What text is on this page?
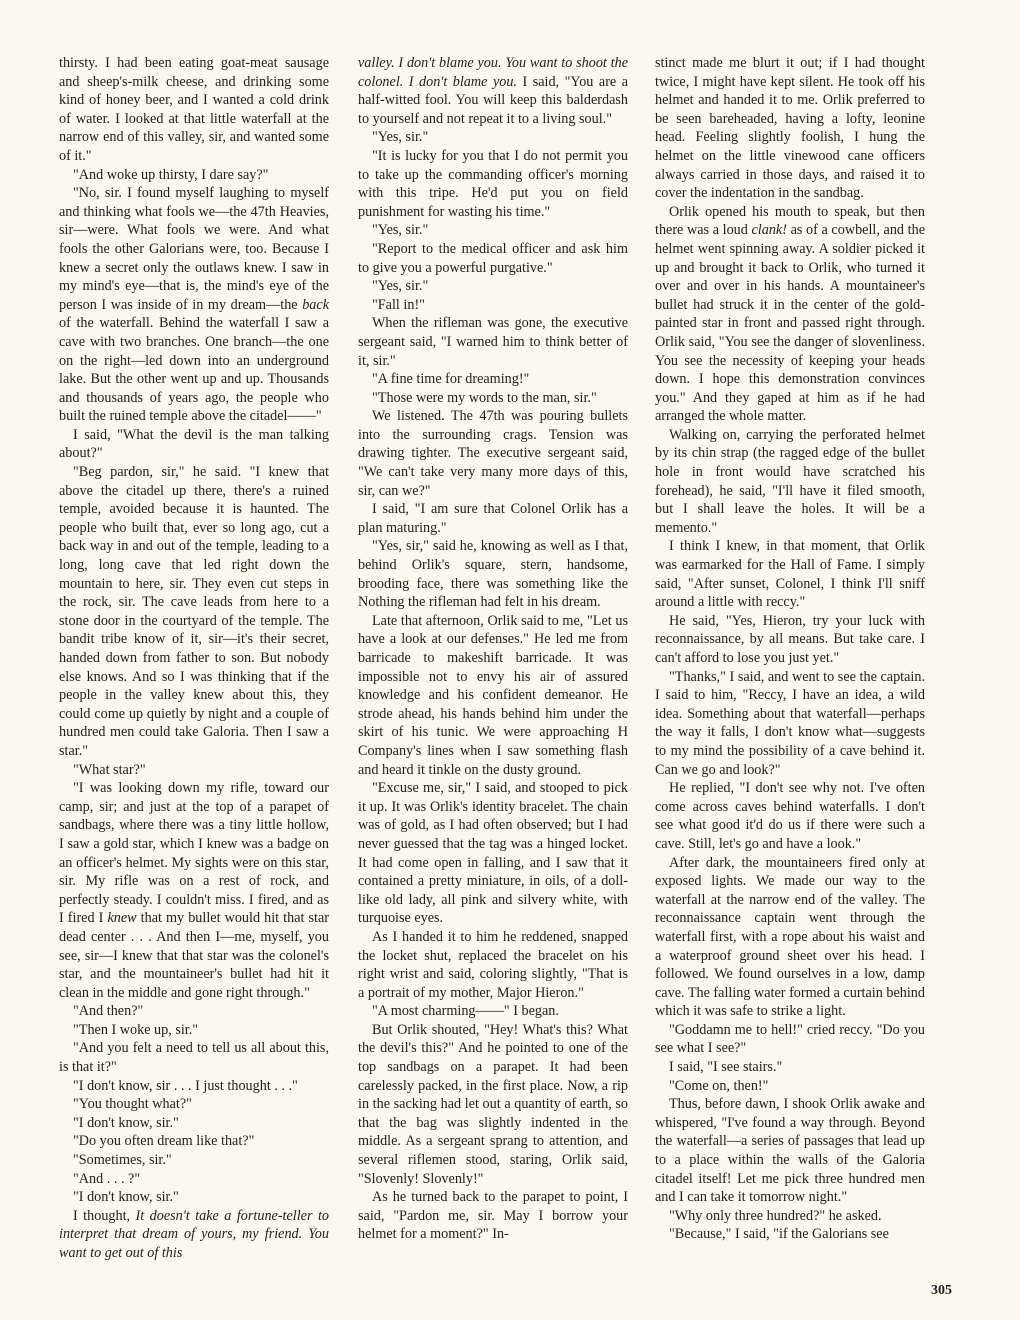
thirsty. I had been eating goat-meat sausage and sheep's-milk cheese, and drinking some kind of honey beer, and I wanted a cold drink of water. I looked at that little waterfall at the narrow end of this valley, sir, and wanted some of it."

"And woke up thirsty, I dare say?"

"No, sir. I found myself laughing to myself and thinking what fools we—the 47th Heavies, sir—were. What fools we were. And what fools the other Galorians were, too. Because I knew a secret only the outlaws knew. I saw in my mind's eye—that is, the mind's eye of the person I was inside of in my dream—the back of the waterfall. Behind the waterfall I saw a cave with two branches. One branch—the one on the right—led down into an underground lake. But the other went up and up. Thousands and thousands of years ago, the people who built the ruined temple above the citadel——"

I said, "What the devil is the man talking about?"

"Beg pardon, sir," he said. "I knew that above the citadel up there, there's a ruined temple, avoided because it is haunted. The people who built that, ever so long ago, cut a back way in and out of the temple, leading to a long, long cave that led right down the mountain to here, sir. They even cut steps in the rock, sir. The cave leads from here to a stone door in the courtyard of the temple. The bandit tribe know of it, sir—it's their secret, handed down from father to son. But nobody else knows. And so I was thinking that if the people in the valley knew about this, they could come up quietly by night and a couple of hundred men could take Galoria. Then I saw a star."

"What star?"

"I was looking down my rifle, toward our camp, sir; and just at the top of a parapet of sandbags, where there was a tiny little hollow, I saw a gold star, which I knew was a badge on an officer's helmet. My sights were on this star, sir. My rifle was on a rest of rock, and perfectly steady. I couldn't miss. I fired, and as I fired I knew that my bullet would hit that star dead center . . . And then I—me, myself, you see, sir—I knew that that star was the colonel's star, and the mountaineer's bullet had hit it clean in the middle and gone right through."

"And then?"

"Then I woke up, sir."

"And you felt a need to tell us all about this, is that it?"

"I don't know, sir . . . I just thought . . ."

"You thought what?"

"I don't know, sir."

"Do you often dream like that?"

"Sometimes, sir."

"And . . . ?"

"I don't know, sir."

I thought, It doesn't take a fortune-teller to interpret that dream of yours, my friend. You want to get out of this

valley. I don't blame you. You want to shoot the colonel. I don't blame you. I said, "You are a half-witted fool. You will keep this balderdash to yourself and not repeat it to a living soul."

"Yes, sir."

"It is lucky for you that I do not permit you to take up the commanding officer's morning with this tripe. He'd put you on field punishment for wasting his time."

"Yes, sir."

"Report to the medical officer and ask him to give you a powerful purgative."

"Yes, sir."

"Fall in!"

When the rifleman was gone, the executive sergeant said, "I warned him to think better of it, sir."

"A fine time for dreaming!"

"Those were my words to the man, sir."

We listened. The 47th was pouring bullets into the surrounding crags. Tension was drawing tighter. The executive sergeant said, "We can't take very many more days of this, sir, can we?"

I said, "I am sure that Colonel Orlik has a plan maturing."

"Yes, sir," said he, knowing as well as I that, behind Orlik's square, stern, handsome, brooding face, there was something like the Nothing the rifleman had felt in his dream.

Late that afternoon, Orlik said to me, "Let us have a look at our defenses." He led me from barricade to makeshift barricade. It was impossible not to envy his air of assured knowledge and his confident demeanor. He strode ahead, his hands behind him under the skirt of his tunic. We were approaching H Company's lines when I saw something flash and heard it tinkle on the dusty ground.

"Excuse me, sir," I said, and stooped to pick it up. It was Orlik's identity bracelet. The chain was of gold, as I had often observed; but I had never guessed that the tag was a hinged locket. It had come open in falling, and I saw that it contained a pretty miniature, in oils, of a doll-like old lady, all pink and silvery white, with turquoise eyes.

As I handed it to him he reddened, snapped the locket shut, replaced the bracelet on his right wrist and said, coloring slightly, "That is a portrait of my mother, Major Hieron."

"A most charming——" I began.

But Orlik shouted, "Hey! What's this? What the devil's this?" And he pointed to one of the top sandbags on a parapet. It had been carelessly packed, in the first place. Now, a rip in the sacking had let out a quantity of earth, so that the bag was slightly indented in the middle. As a sergeant sprang to attention, and several riflemen stood, staring, Orlik said, "Slovenly! Slovenly!"

As he turned back to the parapet to point, I said, "Pardon me, sir. May I borrow your helmet for a moment?" In-

stinct made me blurt it out; if I had thought twice, I might have kept silent. He took off his helmet and handed it to me. Orlik preferred to be seen bareheaded, having a lofty, leonine head. Feeling slightly foolish, I hung the helmet on the little vinewood cane officers always carried in those days, and raised it to cover the indentation in the sandbag.

Orlik opened his mouth to speak, but then there was a loud clank! as of a cowbell, and the helmet went spinning away. A soldier picked it up and brought it back to Orlik, who turned it over and over in his hands. A mountaineer's bullet had struck it in the center of the gold-painted star in front and passed right through. Orlik said, "You see the danger of slovenliness. You see the necessity of keeping your heads down. I hope this demonstration convinces you." And they gaped at him as if he had arranged the whole matter.

Walking on, carrying the perforated helmet by its chin strap (the ragged edge of the bullet hole in front would have scratched his forehead), he said, "I'll have it filed smooth, but I shall leave the holes. It will be a memento."

I think I knew, in that moment, that Orlik was earmarked for the Hall of Fame. I simply said, "After sunset, Colonel, I think I'll sniff around a little with reccy."

He said, "Yes, Hieron, try your luck with reconnaissance, by all means. But take care. I can't afford to lose you just yet."

"Thanks," I said, and went to see the captain. I said to him, "Reccy, I have an idea, a wild idea. Something about that waterfall—perhaps the way it falls, I don't know what—suggests to my mind the possibility of a cave behind it. Can we go and look?"

He replied, "I don't see why not. I've often come across caves behind waterfalls. I don't see what good it'd do us if there were such a cave. Still, let's go and have a look."

After dark, the mountaineers fired only at exposed lights. We made our way to the waterfall at the narrow end of the valley. The reconnaissance captain went through the waterfall first, with a rope about his waist and a waterproof ground sheet over his head. I followed. We found ourselves in a low, damp cave. The falling water formed a curtain behind which it was safe to strike a light.

"Goddamn me to hell!" cried reccy. "Do you see what I see?"

I said, "I see stairs."

"Come on, then!"

Thus, before dawn, I shook Orlik awake and whispered, "I've found a way through. Beyond the waterfall—a series of passages that lead up to a place within the walls of the Galoria citadel itself! Let me pick three hundred men and I can take it tomorrow night."

"Why only three hundred?" he asked.

"Because," I said, "if the Galorians see

305
